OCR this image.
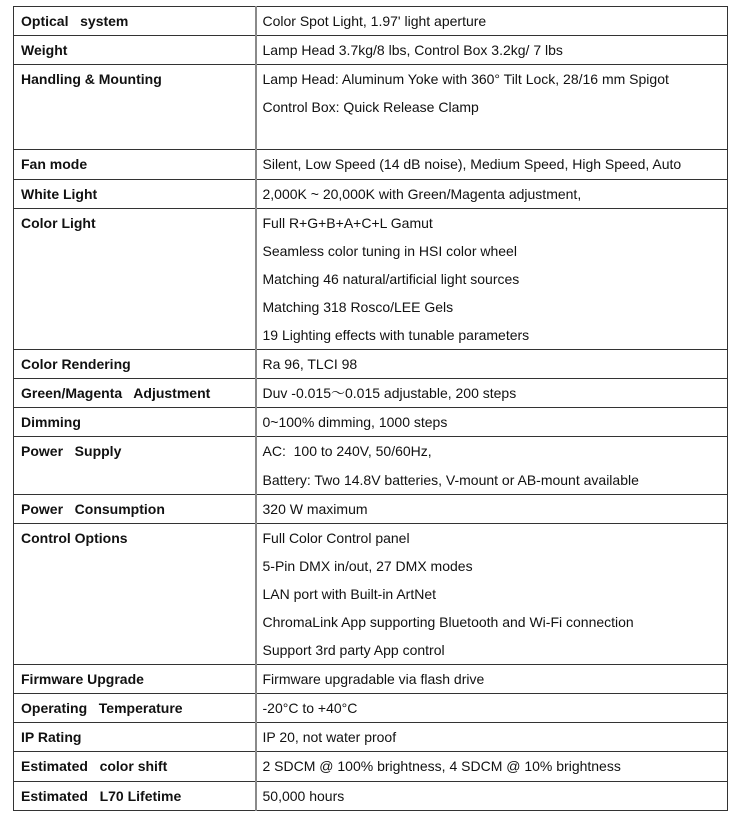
Optical   system	Color Spot Light, 1.97' light aperture

Weight	Lamp Head 3.7kg/8 lbs, Control Box 3.2kg/ 7 lbs

Handling & Mounting	Lamp Head: Aluminum Yoke with 360° Tilt Lock, 28/16 mm Spigot
Control Box: Quick Release Clamp

Fan mode	Silent, Low Speed (14 dB noise), Medium Speed, High Speed, Auto

White Light	2,000K ~ 20,000K with Green/Magenta adjustment,

Color Light	Full R+G+B+A+C+L Gamut
Seamless color tuning in HSI color wheel
Matching 46 natural/artificial light sources
Matching 318 Rosco/LEE Gels
19 Lighting effects with tunable parameters

Color Rendering	Ra 96, TLCI 98

Green/Magenta   Adjustment	Duv -0.015～0.015 adjustable, 200 steps

Dimming	0~100% dimming, 1000 steps

Power   Supply	AC:  100 to 240V, 50/60Hz,
Battery: Two 14.8V batteries, V-mount or AB-mount available

Power   Consumption	320 W maximum

Control Options	Full Color Control panel
5-Pin DMX in/out, 27 DMX modes
LAN port with Built-in ArtNet
ChromaLink App supporting Bluetooth and Wi-Fi connection
Support 3rd party App control

Firmware Upgrade	Firmware upgradable via flash drive

Operating   Temperature	-20°C to +40°C

IP Rating	IP 20, not water proof

Estimated   color shift	2 SDCM @ 100% brightness, 4 SDCM @ 10% brightness

Estimated   L70 Lifetime	50,000 hours
